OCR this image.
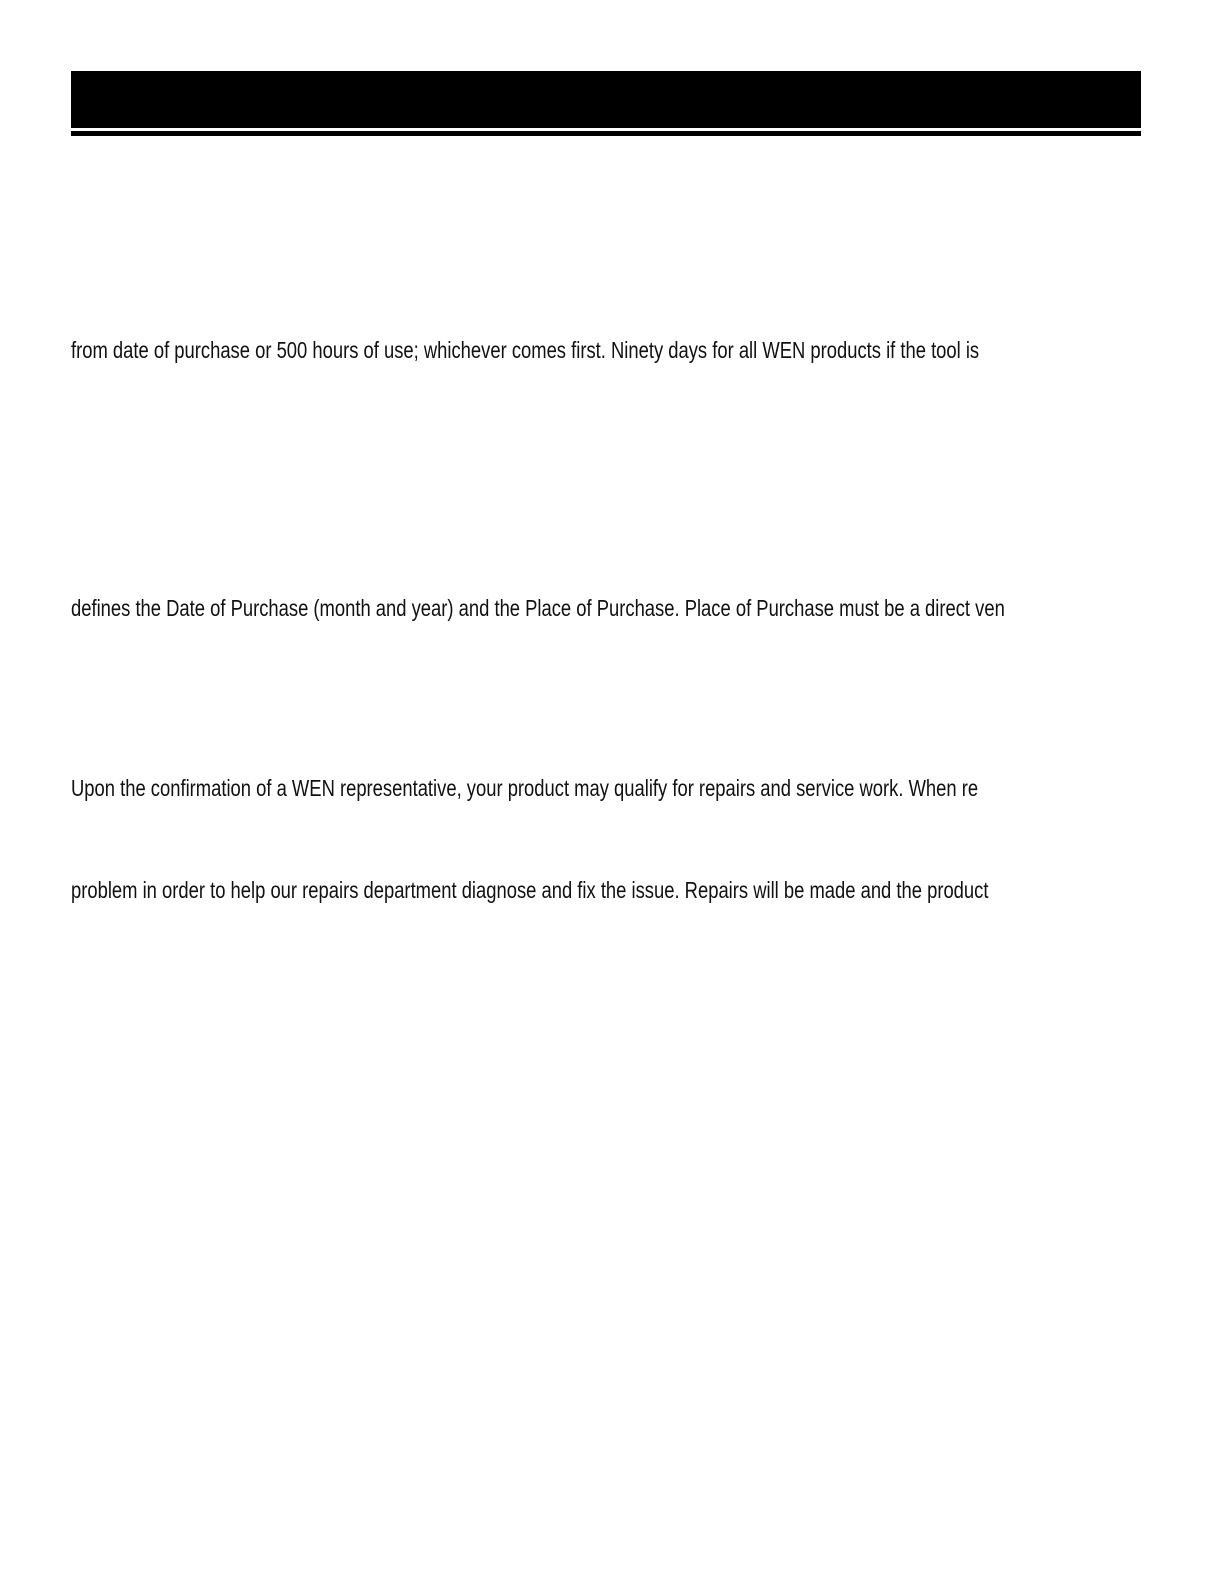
from date of purchase or 500 hours of use; whichever comes first. Ninety days for all WEN products if the tool is
defines the Date of Purchase (month and year) and the Place of Purchase. Place of Purchase must be a direct ven
Upon the confirmation of a WEN representative, your product may qualify for repairs and service work. When re
problem in order to help our repairs department diagnose and fix the issue. Repairs will be made and the product
